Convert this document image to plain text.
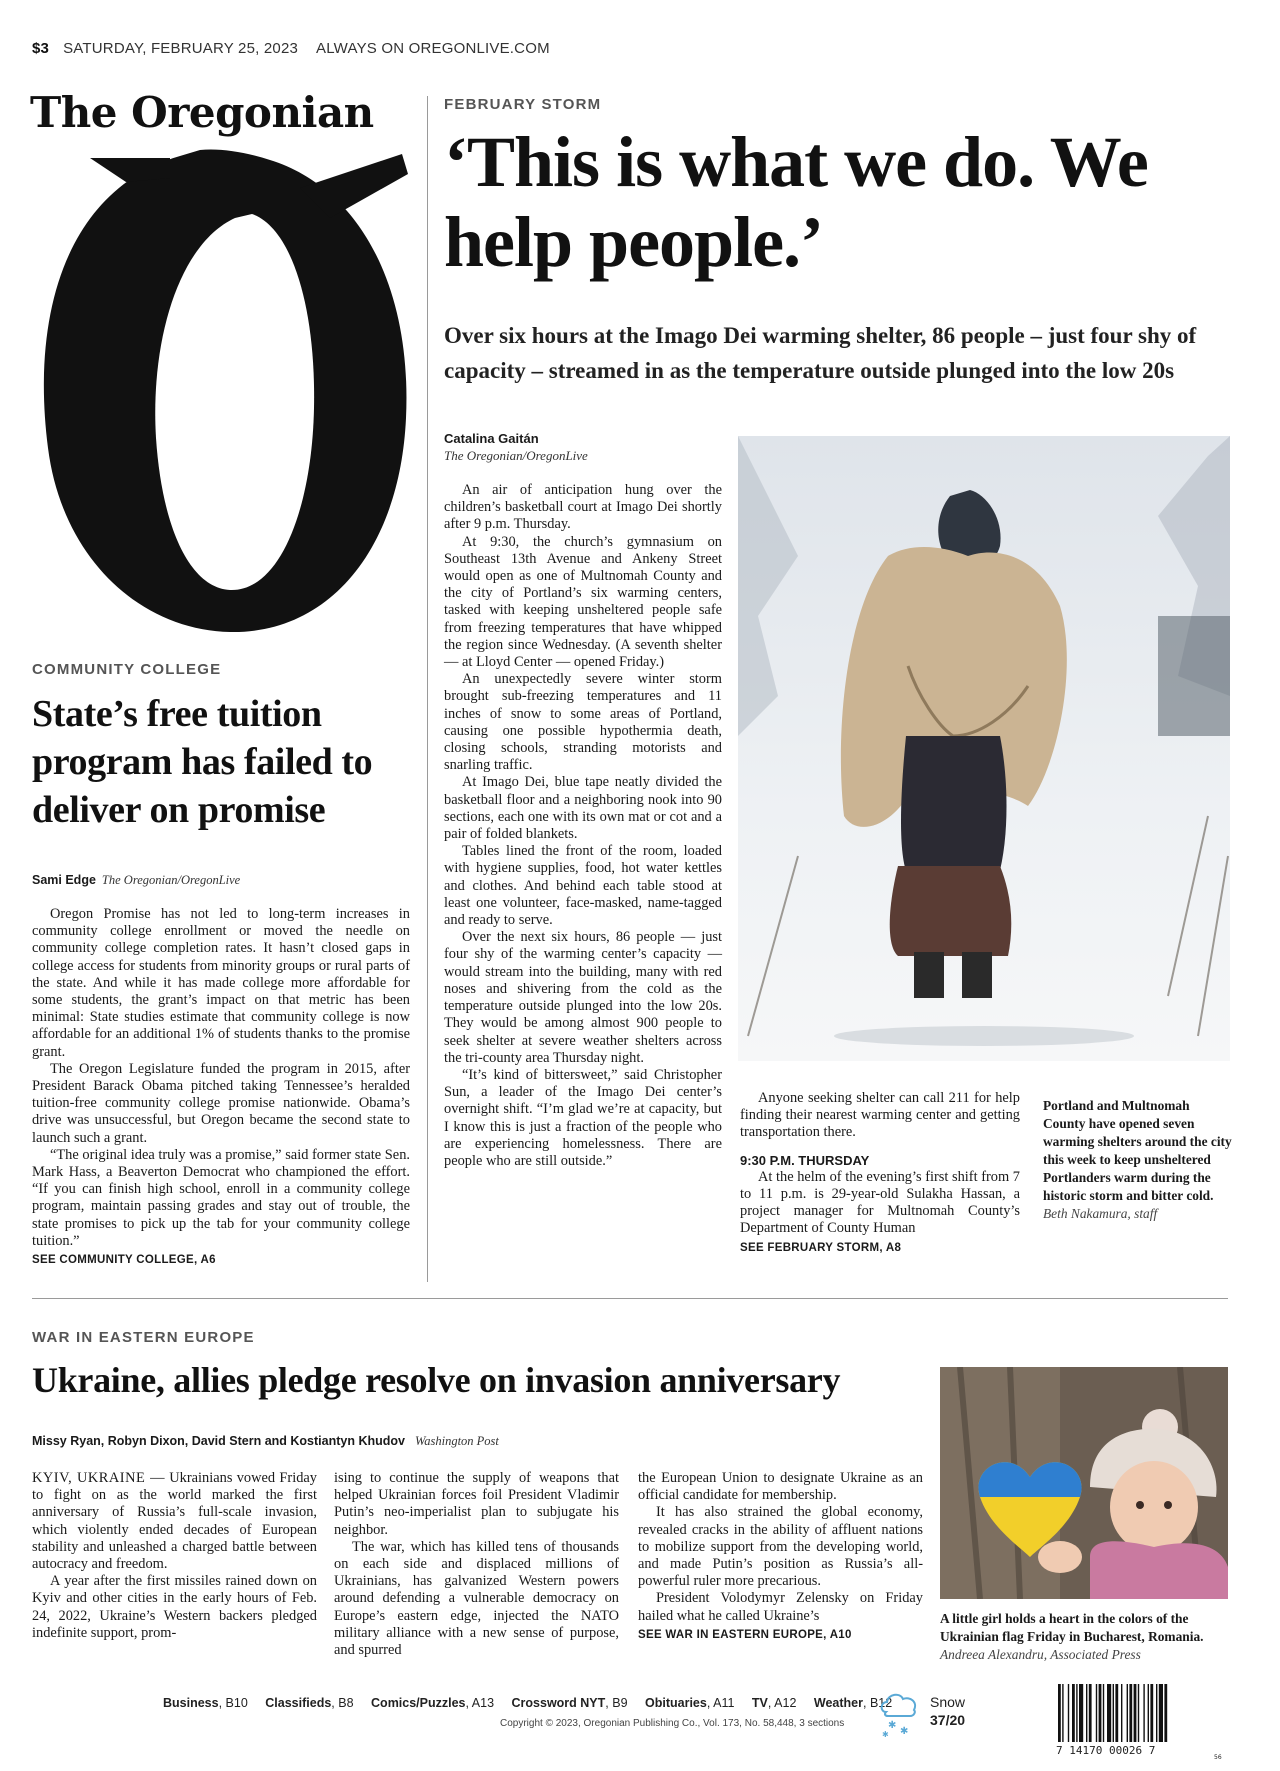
$3 SATURDAY, FEBRUARY 25, 2023 ALWAYS ON OREGONLIVE.COM
The Oregonian	FEBRUARY STORM
‘This is what we do. We help people.’
Over six hours at the Imago Dei warming shelter, 86 people – just four shy of capacity – streamed in as the temperature outside plunged into the low 20s
Catalina Gaitán
The Oregonian/OregonLive

An air of anticipation hung over the children’s basketball court at Imago Dei shortly after 9 p.m. Thursday.

At 9:30, the church’s gymnasium on Southeast 13th Avenue and Ankeny Street would open as one of Multnomah County and the city of Portland’s six warming centers, tasked with keeping unsheltered people safe from freezing temperatures that have whipped the region since Wednesday. (A seventh shelter — at Lloyd Center — opened Friday.)

An unexpectedly severe winter storm brought sub-freezing temperatures and 11 inches of snow to some areas of Portland, causing one possible hypothermia death, closing schools, stranding motorists and snarling traffic.

At Imago Dei, blue tape neatly divided the basketball floor and a neighboring nook into 90 sections, each one with its own mat or cot and a pair of folded blankets.

Tables lined the front of the room, loaded with hygiene supplies, food, hot water kettles and clothes. And behind each table stood at least one volunteer, face-masked, name-tagged and ready to serve.

Over the next six hours, 86 people — just four shy of the warming center’s capacity — would stream into the building, many with red noses and shivering from the cold as the temperature outside plunged into the low 20s. They would be among almost 900 people to seek shelter at severe weather shelters across the tri-county area Thursday night.

“It’s kind of bittersweet,” said Christopher Sun, a leader of the Imago Dei center’s overnight shift. “I’m glad we’re at capacity, but I know this is just a fraction of the people who are experiencing homelessness. There are people who are still outside.”

Anyone seeking shelter can call 211 for help finding their nearest warming center and getting transportation there.

9:30 P.M. THURSDAY

At the helm of the evening’s first shift from 7 to 11 p.m. is 29-year-old Sulakha Hassan, a project manager for Multnomah County’s Department of County Human

SEE FEBRUARY STORM, A8

Portland and Multnomah County have opened seven warming shelters around the city this week to keep unsheltered Portlanders warm during the historic storm and bitter cold.
Beth Nakamura, staff
COMMUNITY COLLEGE
State’s free tuition program has failed to deliver on promise
Sami Edge The Oregonian/OregonLive

Oregon Promise has not led to long-term increases in community college enrollment or moved the needle on community college completion rates. It hasn’t closed gaps in college access for students from minority groups or rural parts of the state. And while it has made college more affordable for some students, the grant’s impact on that metric has been minimal: State studies estimate that community college is now affordable for an additional 1% of students thanks to the promise grant.

The Oregon Legislature funded the program in 2015, after President Barack Obama pitched taking Tennessee’s heralded tuition-free community college promise nationwide. Obama’s drive was unsuccessful, but Oregon became the second state to launch such a grant.

“The original idea truly was a promise,” said former state Sen. Mark Hass, a Beaverton Democrat who championed the effort. “If you can finish high school, enroll in a community college program, maintain passing grades and stay out of trouble, the state promises to pick up the tab for your community college tuition.”

SEE COMMUNITY COLLEGE, A6

WAR IN EASTERN EUROPE
Ukraine, allies pledge resolve on invasion anniversary
Missy Ryan, Robyn Dixon, David Stern and Kostiantyn Khudov Washington Post

KYIV, UKRAINE — Ukrainians vowed Friday to fight on as the world marked the first anniversary of Russia’s full-scale invasion, which violently ended decades of European stability and unleashed a charged battle between autocracy and freedom.

A year after the first missiles rained down on Kyiv and other cities in the early hours of Feb. 24, 2022, Ukraine’s Western backers pledged indefinite support, prom-

ising to continue the supply of weapons that helped Ukrainian forces foil President Vladimir Putin’s neo-imperialist plan to subjugate his neighbor.

The war, which has killed tens of thousands on each side and displaced millions of Ukrainians, has galvanized Western powers around defending a vulnerable democracy on Europe’s eastern edge, injected the NATO military alliance with a new sense of purpose, and spurred

the European Union to designate Ukraine as an official candidate for membership.

It has also strained the global economy, revealed cracks in the ability of affluent nations to mobilize support from the developing world, and made Putin’s position as Russia’s all-powerful ruler more precarious.

President Volodymyr Zelensky on Friday hailed what he called Ukraine’s

SEE WAR IN EASTERN EUROPE, A10

A little girl holds a heart in the colors of the Ukrainian flag Friday in Bucharest, Romania. Andreea Alexandru, Associated Press
Business, B10 Classifieds, B8 Comics/Puzzles, A13 Crossword NYT, B9 Obituaries, A11 TV, A12 Weather, B12
Copyright © 2023, Oregonian Publishing Co., Vol. 173, No. 58,448, 3 sections	✱
✱
✱
Snow
37/20
7 14170 00026 7
56
